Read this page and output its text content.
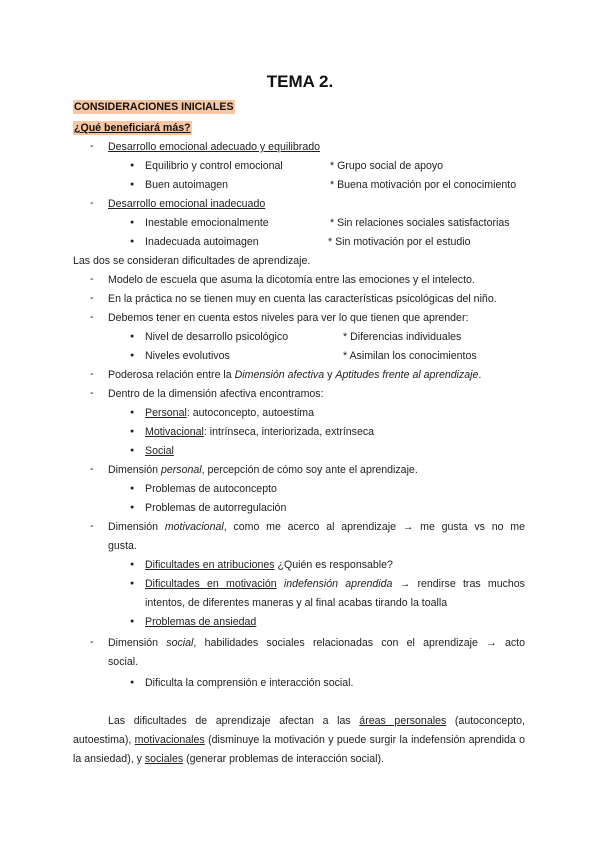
TEMA 2.
CONSIDERACIONES INICIALES
¿Qué beneficiará más?
- Desarrollo emocional adecuado y equilibrado
● Equilibrio y control emocional	* Grupo social de apoyo
● Buen autoimagen	* Buena motivación por el conocimiento
- Desarrollo emocional inadecuado
● Inestable emocionalmente	* Sin relaciones sociales satisfactorias
● Inadecuada autoimagen	* Sin motivación por el estudio
Las dos se consideran dificultades de aprendizaje.
- Modelo de escuela que asuma la dicotomía entre las emociones y el intelecto.
- En la práctica no se tienen muy en cuenta las características psicológicas del niño.
- Debemos tener en cuenta estos niveles para ver lo que tienen que aprender:
● Nivel de desarrollo psicológico	* Diferencias individuales
● Niveles evolutivos	* Asimilan los conocimientos
- Poderosa relación entre la Dimensión afectiva y Aptitudes frente al aprendizaje.
- Dentro de la dimensión afectiva encontramos:
● Personal: autoconcepto, autoestima
● Motivacional: intrínseca, interiorizada, extrínseca
● Social
- Dimensión personal, percepción de cómo soy ante el aprendizaje.
● Problemas de autoconcepto
● Problemas de autorregulación
- Dimensión motivacional, como me acerco al aprendizaje → me gusta vs no me
gusta.
● Dificultades en atribuciones ¿Quién es responsable?
● Dificultades en motivación indefensión aprendida → rendirse tras muchos
intentos, de diferentes maneras y al final acabas tirando la toalla
● Problemas de ansiedad
- Dimensión social, habilidades sociales relacionadas con el aprendizaje → acto
social.
● Dificulta la comprensión e interacción social.
Las dificultades de aprendizaje afectan a las áreas personales (autoconcepto, autoestima), motivacionales (disminuye la motivación y puede surgir la indefensión aprendida o la ansiedad), y sociales (generar problemas de interacción social).
